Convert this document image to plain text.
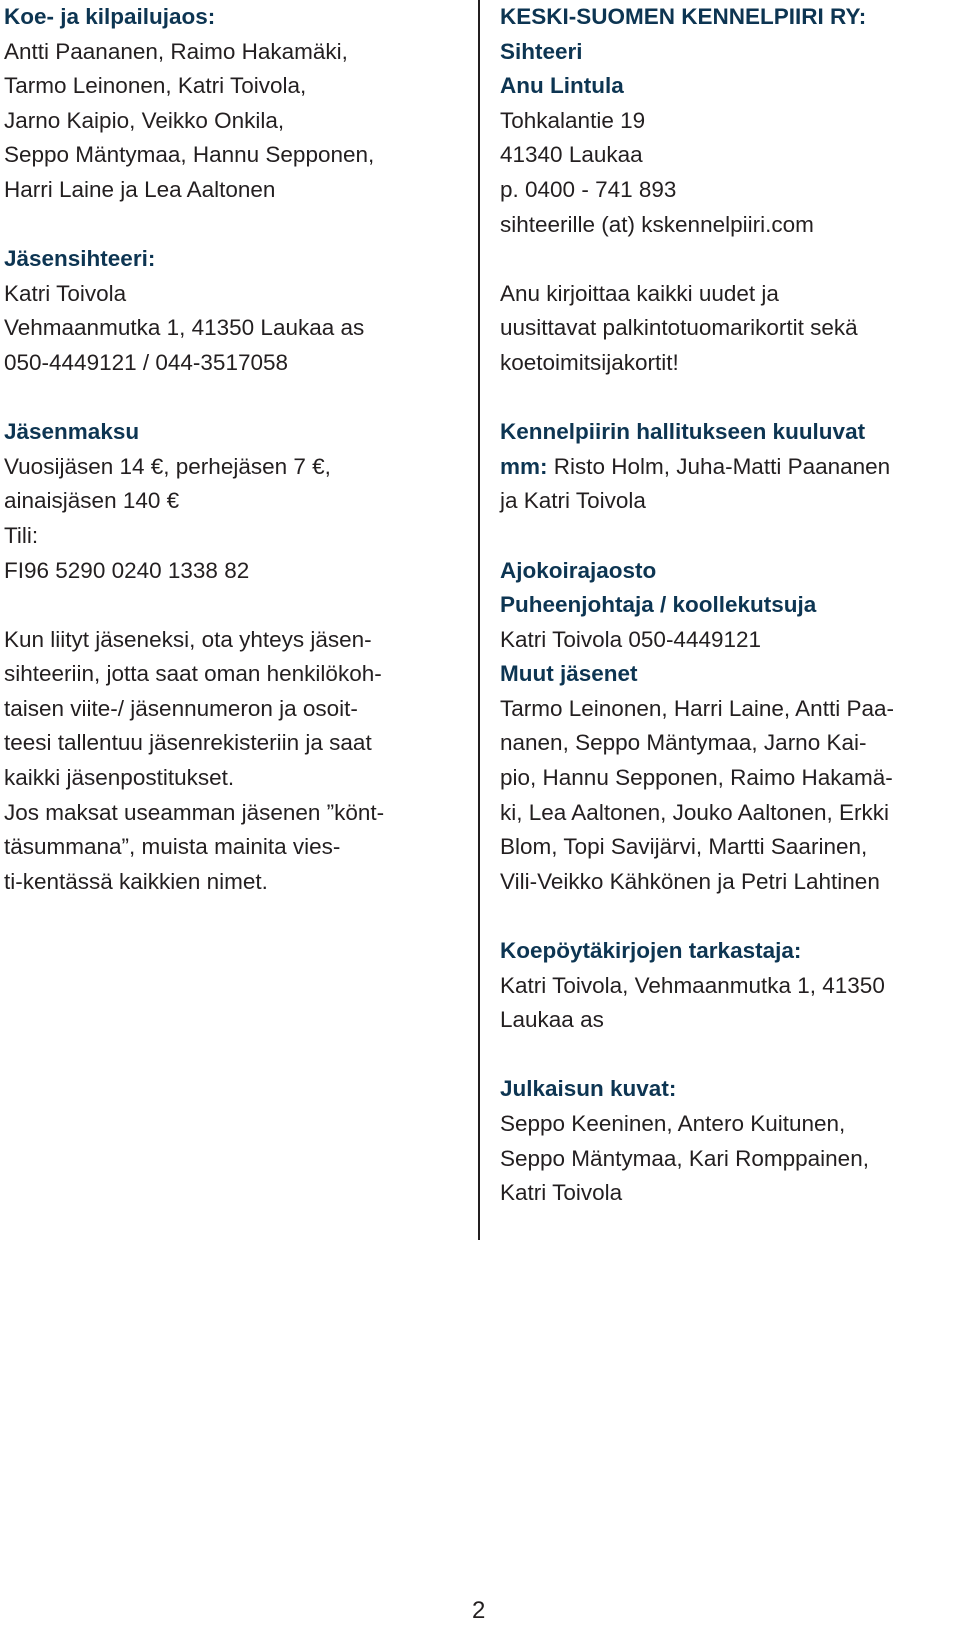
Koe- ja kilpailujaos:
Antti Paananen, Raimo Hakamäki,
Tarmo Leinonen, Katri Toivola,
Jarno Kaipio, Veikko Onkila,
Seppo Mäntymaa, Hannu Sepponen,
Harri Laine ja Lea Aaltonen
Jäsensihteeri:
Katri Toivola
Vehmaanmutka 1, 41350 Laukaa as
050-4449121 / 044-3517058
Jäsenmaksu
Vuosijäsen 14 €, perhejäsen 7 €,
ainaisjäsen 140 €
Tili:
FI96 5290 0240 1338 82
Kun liityt jäseneksi, ota yhteys jäsen-
sihteeriin, jotta saat oman henkilökoh-
taisen viite-/ jäsennumeron ja osoit-
teesi tallentuu jäsenrekisteriin ja saat
kaikki jäsenpostitukset.
Jos maksat useamman jäsenen ”könt-
täsummana”, muista mainita vies-
ti-kentässä kaikkien nimet.
KESKI-SUOMEN KENNELPIIRI RY:
Sihteeri
Anu Lintula
Tohkalantie 19
41340 Laukaa
p. 0400 - 741 893
sihteerille (at) kskennelpiiri.com
Anu kirjoittaa kaikki uudet ja
uusittavat palkintotuomarikortit sekä
koetoimitsijakortit!
Kennelpiirin hallitukseen kuuluvat
mm: Risto Holm, Juha-Matti Paananen
ja Katri Toivola
Ajokoirajaosto
Puheenjohtaja / koollekutsuja
Katri Toivola 050-4449121
Muut jäsenet
Tarmo Leinonen, Harri Laine, Antti Paa-
nanen, Seppo Mäntymaa, Jarno Kai-
pio, Hannu Sepponen, Raimo Hakamä-
ki, Lea Aaltonen, Jouko Aaltonen, Erkki
Blom, Topi Savijärvi, Martti Saarinen,
Vili-Veikko Kähkönen ja Petri Lahtinen
Koepöytäkirjojen tarkastaja:
Katri Toivola, Vehmaanmutka 1, 41350
Laukaa as
Julkaisun kuvat:
Seppo Keeninen, Antero Kuitunen,
Seppo Mäntymaa, Kari Romppainen,
Katri Toivola
2
